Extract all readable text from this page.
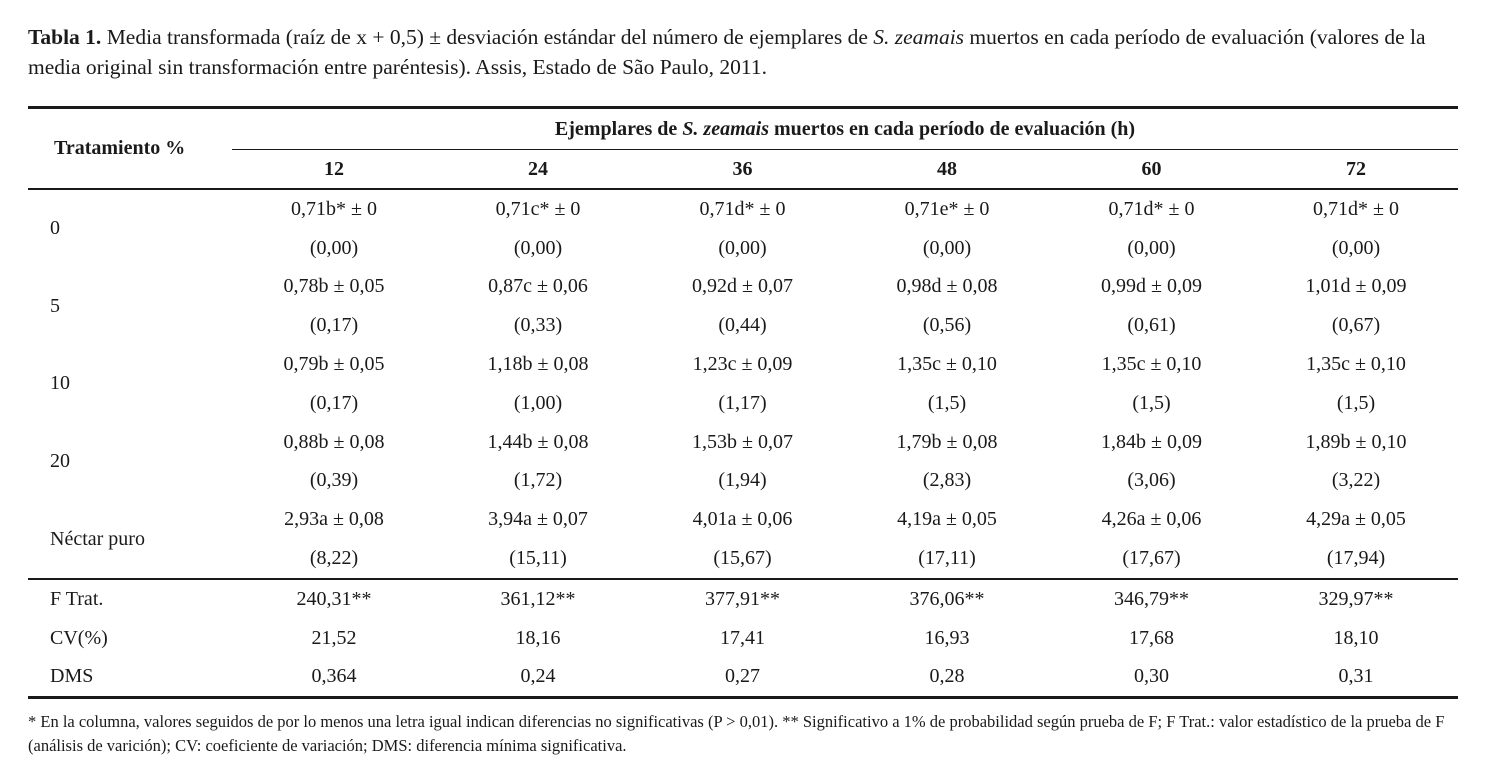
Tabla 1. Media transformada (raíz de x + 0,5) ± desviación estándar del número de ejemplares de S. zeamais muertos en cada período de evaluación (valores de la media original sin transformación entre paréntesis). Assis, Estado de São Paulo, 2011.
Tratamiento %	Ejemplares de S. zeamais muertos en cada período de evaluación (h)					
	12	24	36	48	60	72
0	0,71b* ± 0	0,71c* ± 0	0,71d* ± 0	0,71e* ± 0	0,71d* ± 0	0,71d* ± 0
	(0,00)	(0,00)	(0,00)	(0,00)	(0,00)	(0,00)
5	0,78b ± 0,05	0,87c ± 0,06	0,92d ± 0,07	0,98d ± 0,08	0,99d ± 0,09	1,01d ± 0,09
	(0,17)	(0,33)	(0,44)	(0,56)	(0,61)	(0,67)
10	0,79b ± 0,05	1,18b ± 0,08	1,23c ± 0,09	1,35c ± 0,10	1,35c ± 0,10	1,35c ± 0,10
	(0,17)	(1,00)	(1,17)	(1,5)	(1,5)	(1,5)
20	0,88b ± 0,08	1,44b ± 0,08	1,53b ± 0,07	1,79b ± 0,08	1,84b ± 0,09	1,89b ± 0,10
	(0,39)	(1,72)	(1,94)	(2,83)	(3,06)	(3,22)
Néctar puro	2,93a ± 0,08	3,94a ± 0,07	4,01a ± 0,06	4,19a ± 0,05	4,26a ± 0,06	4,29a ± 0,05
	(8,22)	(15,11)	(15,67)	(17,11)	(17,67)	(17,94)
F Trat.	240,31**	361,12**	377,91**	376,06**	346,79**	329,97**
CV(%)	21,52	18,16	17,41	16,93	17,68	18,10
DMS	0,364	0,24	0,27	0,28	0,30	0,31
* En la columna, valores seguidos de por lo menos una letra igual indican diferencias no significativas (P > 0,01). ** Significativo a 1% de probabilidad según prueba de F; F Trat.: valor estadístico de la prueba de F (análisis de varición); CV: coeficiente de variación; DMS: diferencia mínima significativa.
